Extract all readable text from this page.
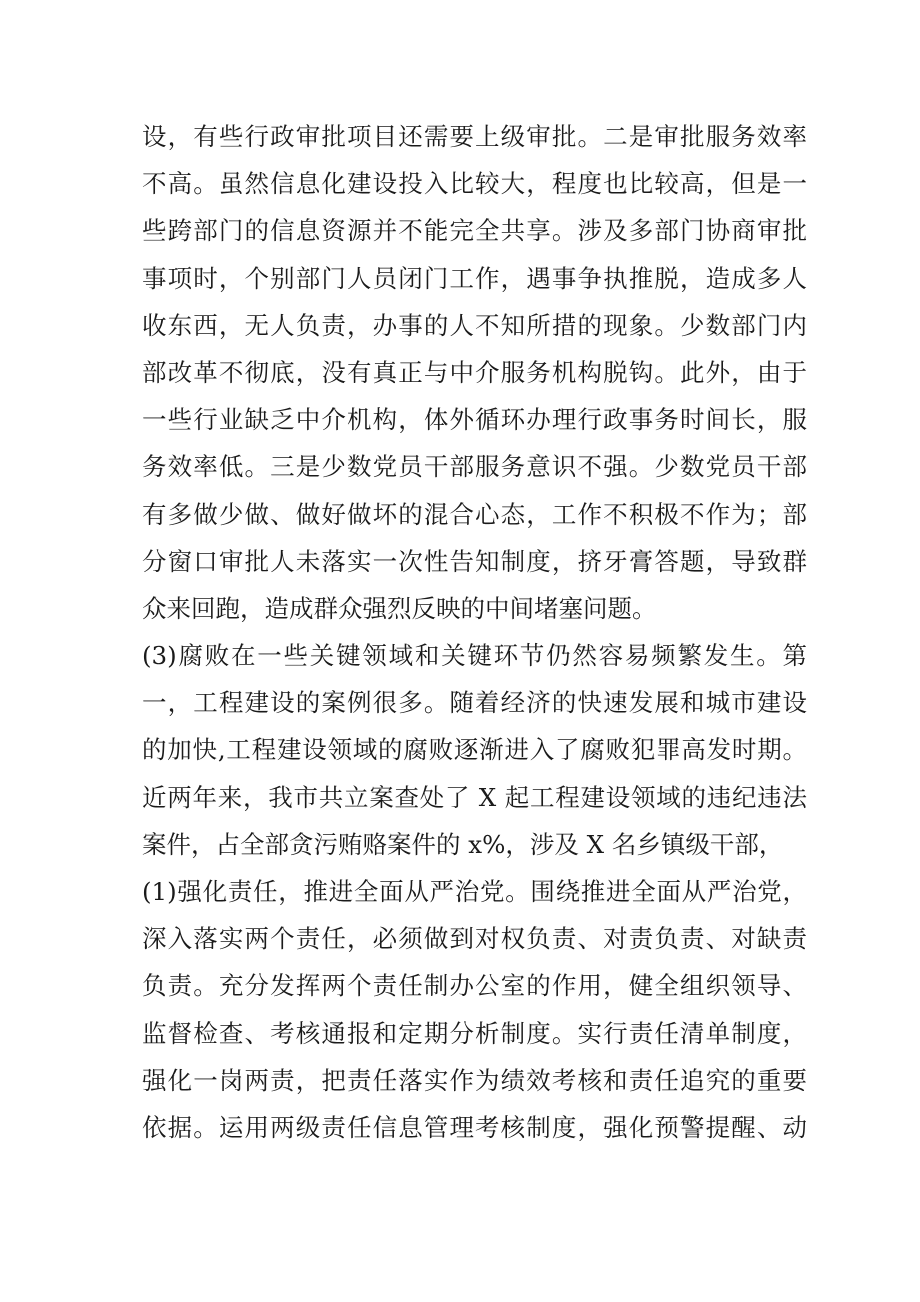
设，有些行政审批项目还需要上级审批。二是审批服务效率
不高。虽然信息化建设投入比较大，程度也比较高，但是一
些跨部门的信息资源并不能完全共享。涉及多部门协商审批
事项时，个别部门人员闭门工作，遇事争执推脱，造成多人
收东西，无人负责，办事的人不知所措的现象。少数部门内
部改革不彻底，没有真正与中介服务机构脱钩。此外，由于
一些行业缺乏中介机构，体外循环办理行政事务时间长，服
务效率低。三是少数党员干部服务意识不强。少数党员干部
有多做少做、做好做坏的混合心态，工作不积极不作为；部
分窗口审批人未落实一次性告知制度，挤牙膏答题，导致群
众来回跑，造成群众强烈反映的中间堵塞问题。
(3)腐败在一些关键领域和关键环节仍然容易频繁发生。第
一，工程建设的案例很多。随着经济的快速发展和城市建设
的加快,工程建设领域的腐败逐渐进入了腐败犯罪高发时期。
近两年来，我市共立案查处了 X 起工程建设领域的违纪违法
案件，占全部贪污贿赂案件的 x%，涉及 X 名乡镇级干部，
(1)强化责任，推进全面从严治党。围绕推进全面从严治党，
深入落实两个责任，必须做到对权负责、对责负责、对缺责
负责。充分发挥两个责任制办公室的作用，健全组织领导、
监督检查、考核通报和定期分析制度。实行责任清单制度，
强化一岗两责，把责任落实作为绩效考核和责任追究的重要
依据。运用两级责任信息管理考核制度，强化预警提醒、动
